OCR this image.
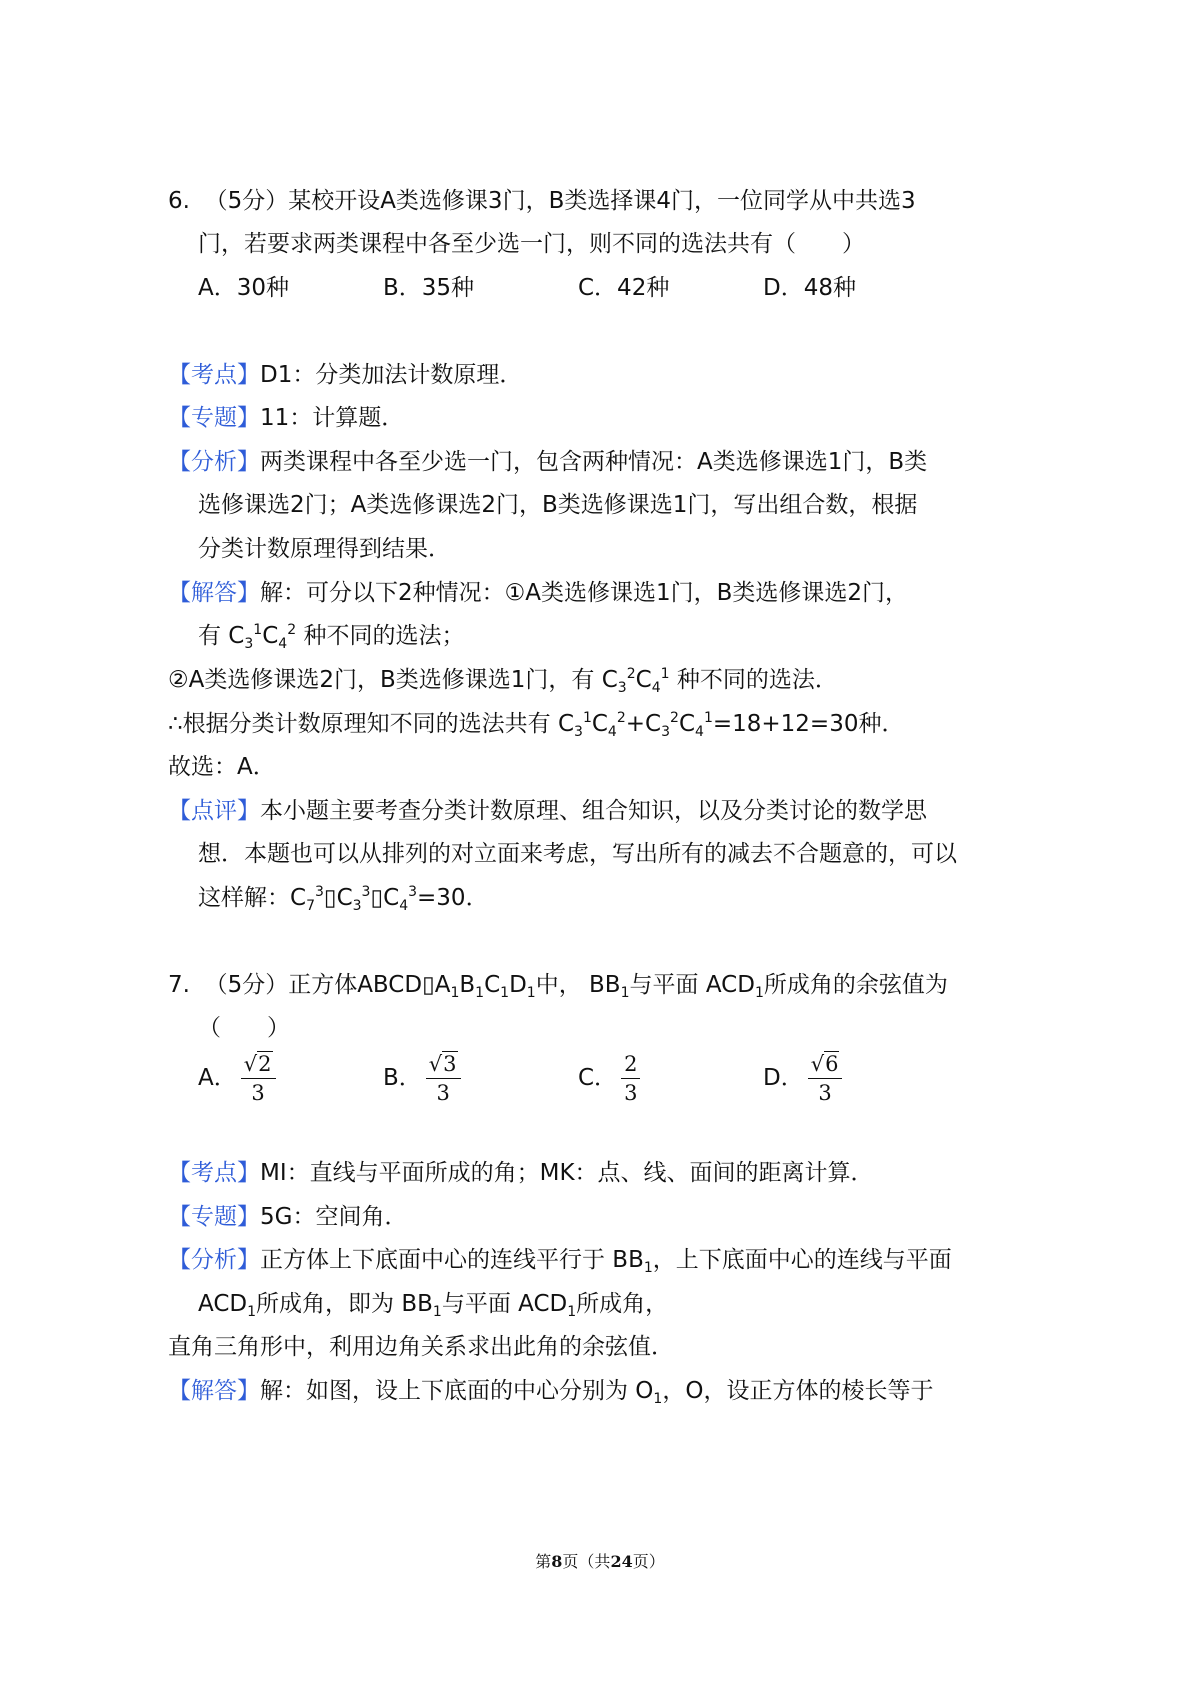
6.  （5分）某校开设A类选修课3门，B类选择课4门，一位同学从中共选3
门，若要求两类课程中各至少选一门，则不同的选法共有（　　）
A．30种	B．35种	C．42种	D．48种
【考点】D1：分类加法计数原理．
【专题】11：计算题．
【分析】两类课程中各至少选一门，包含两种情况：A类选修课选1门，B类
选修课选2门；A类选修课选2门，B类选修课选1门，写出组合数，根据
分类计数原理得到结果．
【解答】解：可分以下2种情况：①A类选修课选1门，B类选修课选2门，
有 $C_3^1C_4^2$ 种不同的选法；
②A类选修课选2门，B类选修课选1门，有 $C_3^2C_4^1$ 种不同的选法．
∴根据分类计数原理知不同的选法共有 $C_3^1C_4^2+C_3^2C_4^1=18+12=30$种．
故选：A．
【点评】本小题主要考查分类计数原理、组合知识，以及分类讨论的数学思
想．本题也可以从排列的对立面来考虑，写出所有的减去不合题意的，可以
这样解：$C_7^3▯C_3^3▯C_4^3=30$．
7.  （5分）正方体$ABCD▯A_1B_1C_1D_1$中， $BB_1$与平面 $ACD_1$所成角的余弦值为
（　　）
A． $\frac{√2}{3}$	B． $\frac{√3}{3}$	C． $\frac{2}{3}$	D． $\frac{√6}{3}$
【考点】MI：直线与平面所成的角；MK：点、线、面间的距离计算．
【专题】5G：空间角．
【分析】正方体上下底面中心的连线平行于 $BB_1$，上下底面中心的连线与平面
$ACD_1$所成角，即为 $BB_1$与平面 $ACD_1$所成角，
直角三角形中，利用边角关系求出此角的余弦值．
【解答】解：如图，设上下底面的中心分别为 $O_1$，O，设正方体的棱长等于
第8页（共24页）
